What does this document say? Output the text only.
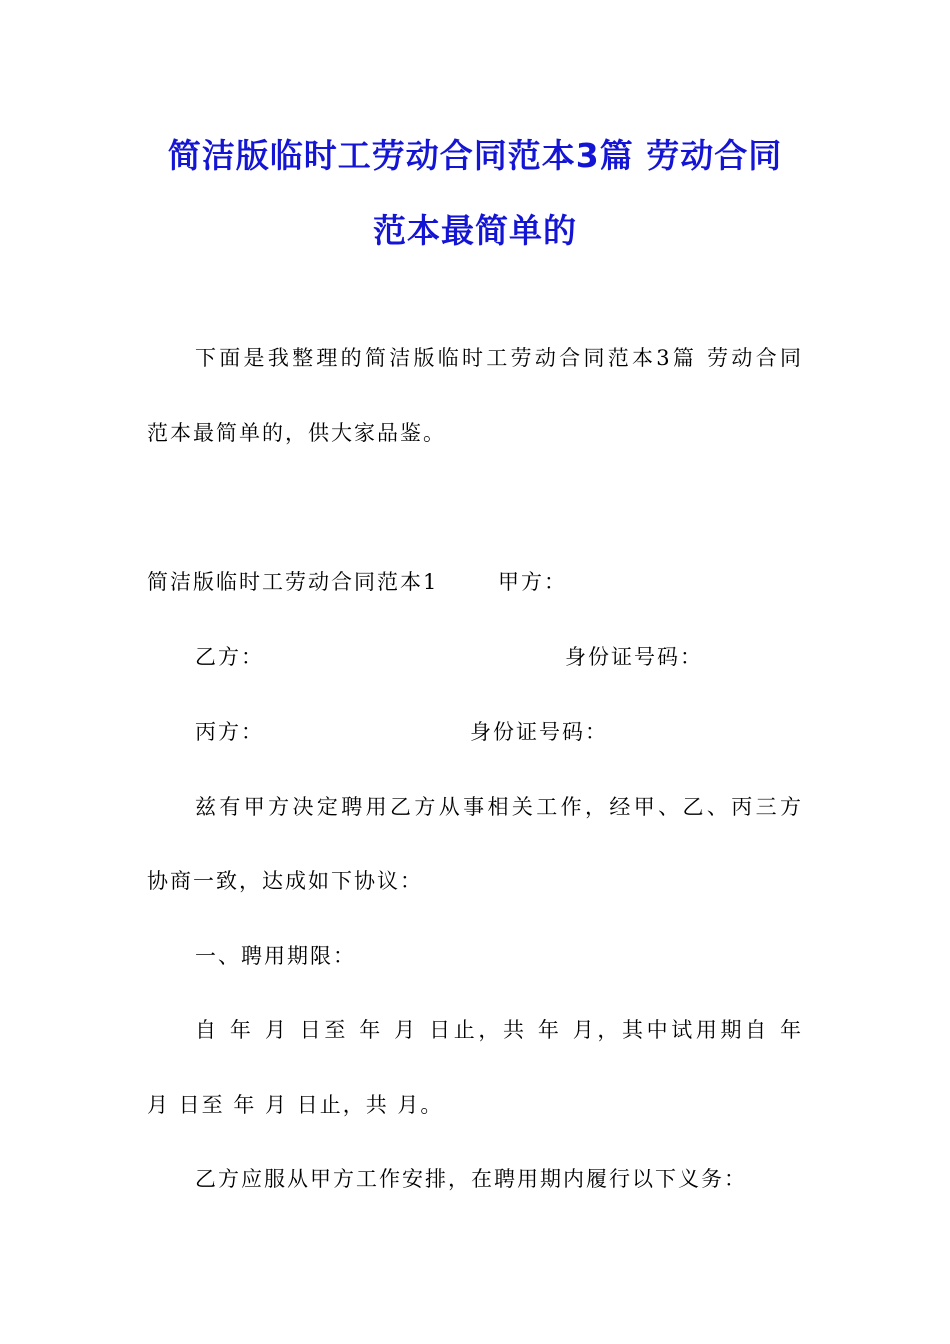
简洁版临时工劳动合同范本3篇 劳动合同
范本最简单的
下面是我整理的简洁版临时工劳动合同范本3篇 劳动合同
范本最简单的，供大家品鉴。
简洁版临时工劳动合同范本1	甲方：
乙方：	身份证号码：
丙方：	身份证号码：
兹有甲方决定聘用乙方从事相关工作，经甲、乙、丙三方
协商一致，达成如下协议：
一、聘用期限：
自 年 月 日至 年 月 日止，共 年 月，其中试用期自 年
月 日至 年 月 日止，共 月。
乙方应服从甲方工作安排，在聘用期内履行以下义务：
